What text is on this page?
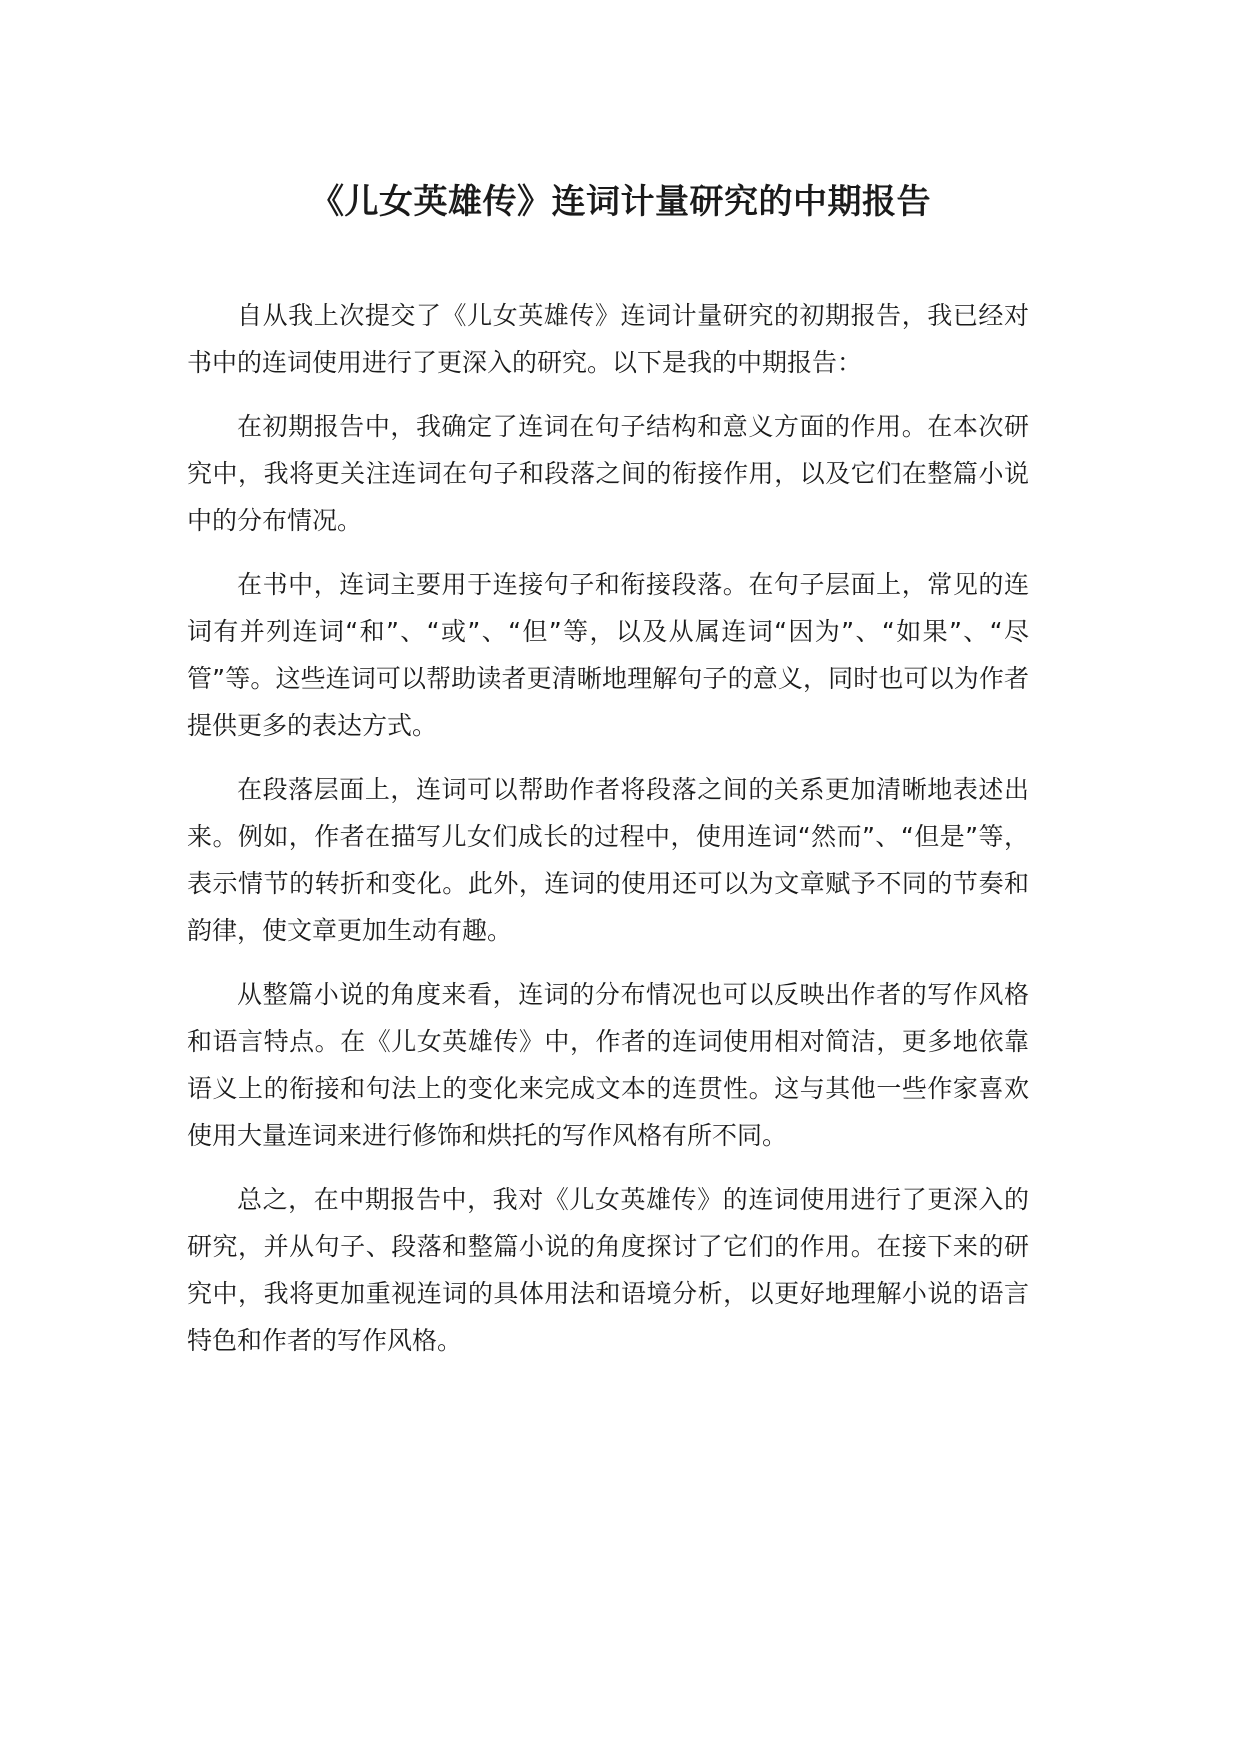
《儿女英雄传》连词计量研究的中期报告

自从我上次提交了《儿女英雄传》连词计量研究的初期报告，我已经对书中的连词使用进行了更深入的研究。以下是我的中期报告：

在初期报告中，我确定了连词在句子结构和意义方面的作用。在本次研究中，我将更关注连词在句子和段落之间的衔接作用，以及它们在整篇小说中的分布情况。

在书中，连词主要用于连接句子和衔接段落。在句子层面上，常见的连词有并列连词“和”、“或”、“但”等，以及从属连词“因为”、“如果”、“尽管”等。这些连词可以帮助读者更清晰地理解句子的意义，同时也可以为作者提供更多的表达方式。

在段落层面上，连词可以帮助作者将段落之间的关系更加清晰地表述出来。例如，作者在描写儿女们成长的过程中，使用连词“然而”、“但是”等，表示情节的转折和变化。此外，连词的使用还可以为文章赋予不同的节奏和韵律，使文章更加生动有趣。

从整篇小说的角度来看，连词的分布情况也可以反映出作者的写作风格和语言特点。在《儿女英雄传》中，作者的连词使用相对简洁，更多地依靠语义上的衔接和句法上的变化来完成文本的连贯性。这与其他一些作家喜欢使用大量连词来进行修饰和烘托的写作风格有所不同。

总之，在中期报告中，我对《儿女英雄传》的连词使用进行了更深入的研究，并从句子、段落和整篇小说的角度探讨了它们的作用。在接下来的研究中，我将更加重视连词的具体用法和语境分析，以更好地理解小说的语言特色和作者的写作风格。
